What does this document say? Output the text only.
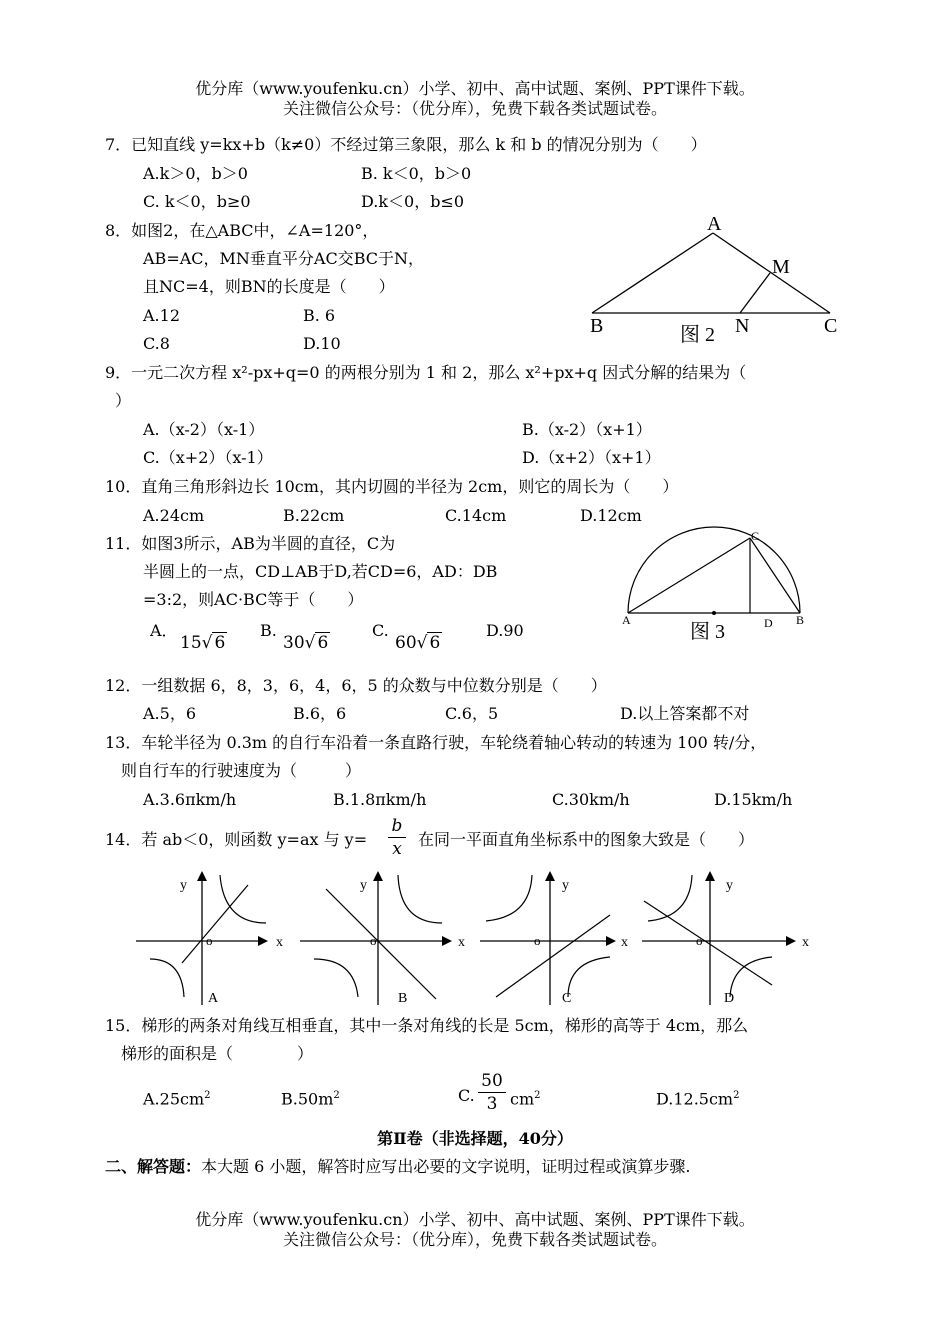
优分库（www.youfenku.cn）小学、初中、高中试题、案例、PPT课件下载。
关注微信公众号：（优分库），免费下载各类试题试卷。
7．已知直线 y=kx+b（k≠0）不经过第三象限，那么 k 和 b 的情况分别为（　　）
A.k＞0，b＞0	B. k＜0，b＞0
C. k＜0，b≥0	D.k＜0，b≤0
8．如图2，在△ABC中，∠A=120°，
AB=AC，MN垂直平分AC交BC于N，
且NC=4，则BN的长度是（　　）
A.12	B. 6
C.8	D.10
A
M
B	N	C
图 2
9．一元二次方程 x²-px+q=0 的两根分别为 1 和 2，那么 x²+px+q 因式分解的结果为（
）
A.（x-2）（x-1）	B.（x-2）（x+1）
C.（x+2）（x-1）	D.（x+2）（x+1）
10．直角三角形斜边长 10cm，其内切圆的半径为 2cm，则它的周长为（　　）
A.24cm	B.22cm	C.14cm	D.12cm
11．如图3所示，AB为半圆的直径，C为
半圆上的一点，CD⊥AB于D,若CD=6，AD：DB
=3:2，则AC·BC等于（　　）
A．
15√ 6
B.
30√ 6
C.
60√ 6
D.90
C
A	D B
图 3
12．一组数据 6，8，3，6，4，6，5 的众数与中位数分别是（　　）
A.5，6	B.6，6	C.6，5	D.以上答案都不对
13．车轮半径为 0.3m 的自行车沿着一条直路行驶，车轮绕着轴心转动的转速为 100 转/分，
则自行车的行驶速度为（　　　）
A.3.6πkm/h	B.1.8πkm/h	C.30km/h	D.15km/h
14．若 ab＜0，则函数 y=ax 与 y=
b
x 在同一平面直角坐标系中的图象大致是（　　）
y
x
o
A
y
x
o
B
y
x
o
C
y
x
o
D
15．梯形的两条对角线互相垂直，其中一条对角线的长是 5cm，梯形的高等于 4cm，那么
梯形的面积是（　　　　）
$A.25cm^2$	$B.50m^2$	C.
50
3 $cm^2$	$D.12.5cm^2$
第Ⅱ卷（非选择题，40分）
二、解答题：本大题 6 小题，解答时应写出必要的文字说明，证明过程或演算步骤.
优分库（www.youfenku.cn）小学、初中、高中试题、案例、PPT课件下载。
关注微信公众号：（优分库），免费下载各类试题试卷。
